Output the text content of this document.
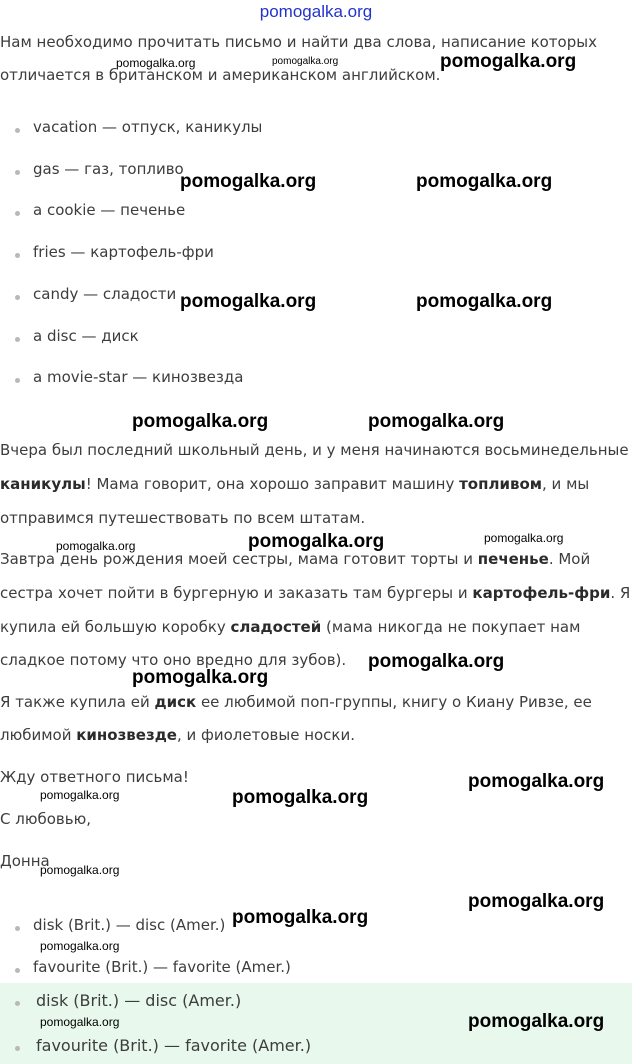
pomogalka.org
Нам необходимо прочитать письмо и найти два слова, написание которых
отличается в британском и американском английском.
vacation — отпуск, каникулы
gas — газ, топливо
a cookie — печенье
fries — картофель-фри
candy — сладости
a disc — диск
a movie-star — кинозвезда
Вчера был последний школьный день, и у меня начинаются восьминедельные
каникулы! Мама говорит, она хорошо заправит машину топливом, и мы
отправимся путешествовать по всем штатам.
Завтра день рождения моей сестры, мама готовит торты и печенье. Мой
сестра хочет пойти в бургерную и заказать там бургеры и картофель-фри. Я
купила ей большую коробку сладостей (мама никогда не покупает нам
сладкое потому что оно вредно для зубов).
Я также купила ей диск ее любимой поп-группы, книгу о Киану Ривзе, ее
любимой кинозвезде, и фиолетовые носки.
Жду ответного письма!
С любовью,
Донна
disk (Brit.) — disc (Amer.)
favourite (Brit.) — favorite (Amer.)
disk (Brit.) — disc (Amer.)
favourite (Brit.) — favorite (Amer.)
pomogalka.org	pomogalka.org	pomogalka.org
pomogalka.org	pomogalka.org
pomogalka.org	pomogalka.org
pomogalka.org	pomogalka.org
pomogalka.org
pomogalka.org	pomogalka.org
pomogalka.org
pomogalka.org
pomogalka.org
pomogalka.org	pomogalka.org
pomogalka.org
pomogalka.org
pomogalka.org
pomogalka.org
pomogalka.org	pomogalka.org
